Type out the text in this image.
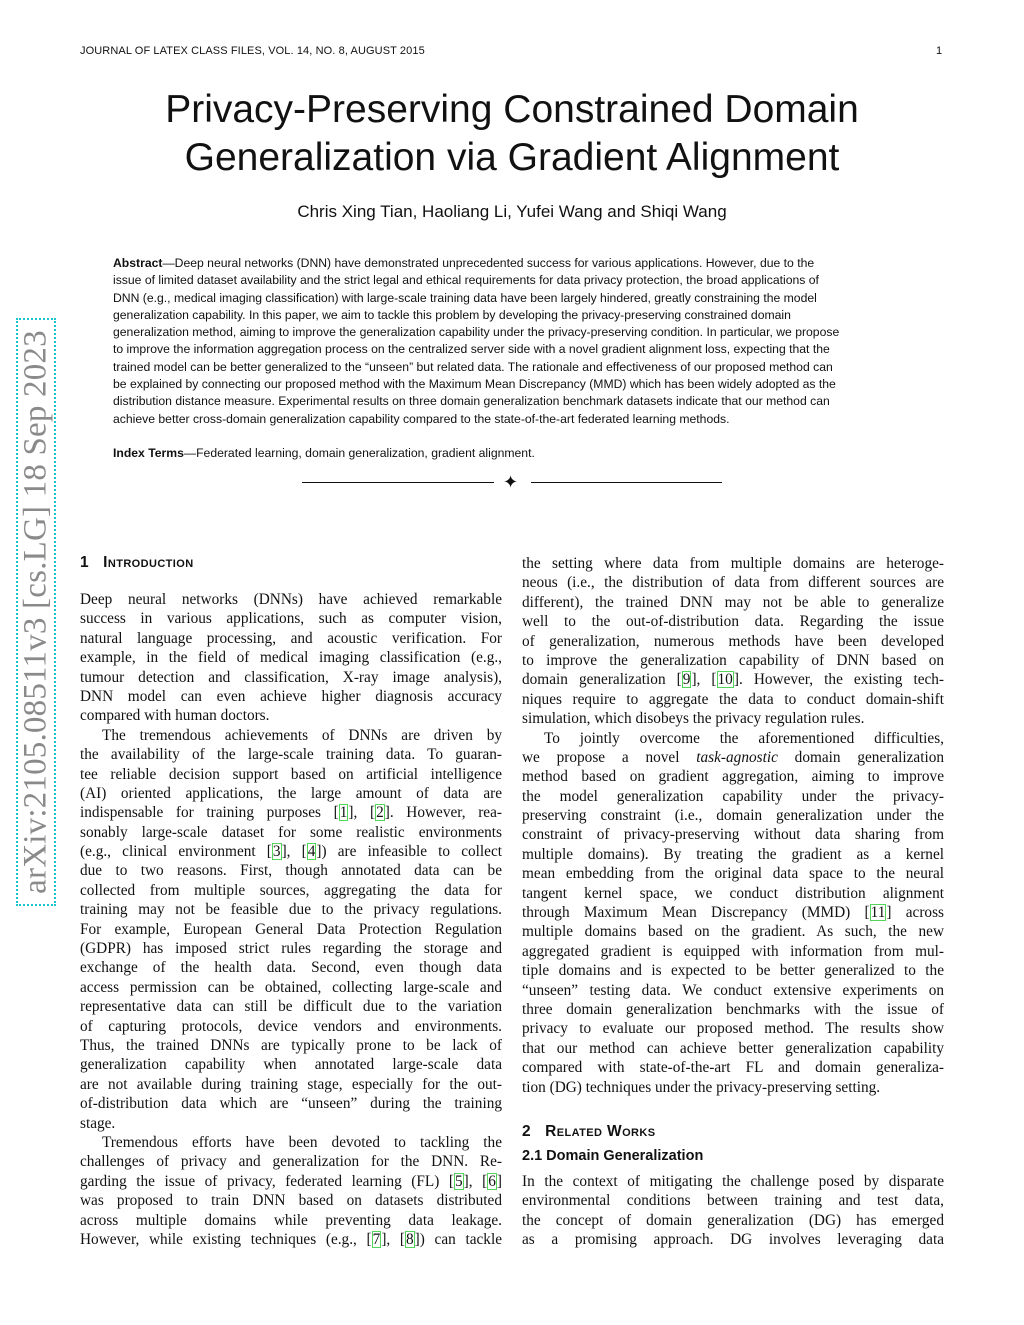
JOURNAL OF LATEX CLASS FILES, VOL. 14, NO. 8, AUGUST 2015	1
Privacy-Preserving Constrained Domain
Generalization via Gradient Alignment
Chris Xing Tian, Haoliang Li, Yufei Wang and Shiqi Wang
Abstract—Deep neural networks (DNN) have demonstrated unprecedented success for various applications. However, due to the
issue of limited dataset availability and the strict legal and ethical requirements for data privacy protection, the broad applications of
DNN (e.g., medical imaging classification) with large-scale training data have been largely hindered, greatly constraining the model
generalization capability. In this paper, we aim to tackle this problem by developing the privacy-preserving constrained domain
generalization method, aiming to improve the generalization capability under the privacy-preserving condition. In particular, we propose
to improve the information aggregation process on the centralized server side with a novel gradient alignment loss, expecting that the
trained model can be better generalized to the “unseen” but related data. The rationale and effectiveness of our proposed method can
be explained by connecting our proposed method with the Maximum Mean Discrepancy (MMD) which has been widely adopted as the
distribution distance measure. Experimental results on three domain generalization benchmark datasets indicate that our method can
achieve better cross-domain generalization capability compared to the state-of-the-art federated learning methods.
Index Terms—Federated learning, domain generalization, gradient alignment.
✦
arXiv:2105.08511v3 [cs.LG] 18 Sep 2023 1 Introduction
Deep neural networks (DNNs) have achieved remarkable
success in various applications, such as computer vision,
natural language processing, and acoustic verification. For
example, in the field of medical imaging classification (e.g.,
tumour detection and classification, X-ray image analysis),
DNN model can even achieve higher diagnosis accuracy
compared with human doctors.
The tremendous achievements of DNNs are driven by
the availability of the large-scale training data. To guaran-
tee reliable decision support based on artificial intelligence
(AI) oriented applications, the large amount of data are
indispensable for training purposes [1], [2]. However, rea-
sonably large-scale dataset for some realistic environments
(e.g., clinical environment [3], [4]) are infeasible to collect
due to two reasons. First, though annotated data can be
collected from multiple sources, aggregating the data for
training may not be feasible due to the privacy regulations.
For example, European General Data Protection Regulation
(GDPR) has imposed strict rules regarding the storage and
exchange of the health data. Second, even though data
access permission can be obtained, collecting large-scale and
representative data can still be difficult due to the variation
of capturing protocols, device vendors and environments.
Thus, the trained DNNs are typically prone to be lack of
generalization capability when annotated large-scale data
are not available during training stage, especially for the out-
of-distribution data which are “unseen” during the training
stage.
Tremendous efforts have been devoted to tackling the
challenges of privacy and generalization for the DNN. Re-
garding the issue of privacy, federated learning (FL) [5], [6]
was proposed to train DNN based on datasets distributed
across multiple domains while preventing data leakage.
However, while existing techniques (e.g., [7], [8]) can tackle
the setting where data from multiple domains are heteroge-
neous (i.e., the distribution of data from different sources are
different), the trained DNN may not be able to generalize
well to the out-of-distribution data. Regarding the issue
of generalization, numerous methods have been developed
to improve the generalization capability of DNN based on
domain generalization [9], [10]. However, the existing tech-
niques require to aggregate the data to conduct domain-shift
simulation, which disobeys the privacy regulation rules.
To jointly overcome the aforementioned difficulties,
we propose a novel task-agnostic domain generalization
method based on gradient aggregation, aiming to improve
the model generalization capability under the privacy-
preserving constraint (i.e., domain generalization under the
constraint of privacy-preserving without data sharing from
multiple domains). By treating the gradient as a kernel
mean embedding from the original data space to the neural
tangent kernel space, we conduct distribution alignment
through Maximum Mean Discrepancy (MMD) [11] across
multiple domains based on the gradient. As such, the new
aggregated gradient is equipped with information from mul-
tiple domains and is expected to be better generalized to the
“unseen” testing data. We conduct extensive experiments on
three domain generalization benchmarks with the issue of
privacy to evaluate our proposed method. The results show
that our method can achieve better generalization capability
compared with state-of-the-art FL and domain generaliza-
tion (DG) techniques under the privacy-preserving setting.
2 Related Works
2.1 Domain Generalization
In the context of mitigating the challenge posed by disparate
environmental conditions between training and test data,
the concept of domain generalization (DG) has emerged
as a promising approach. DG involves leveraging data
